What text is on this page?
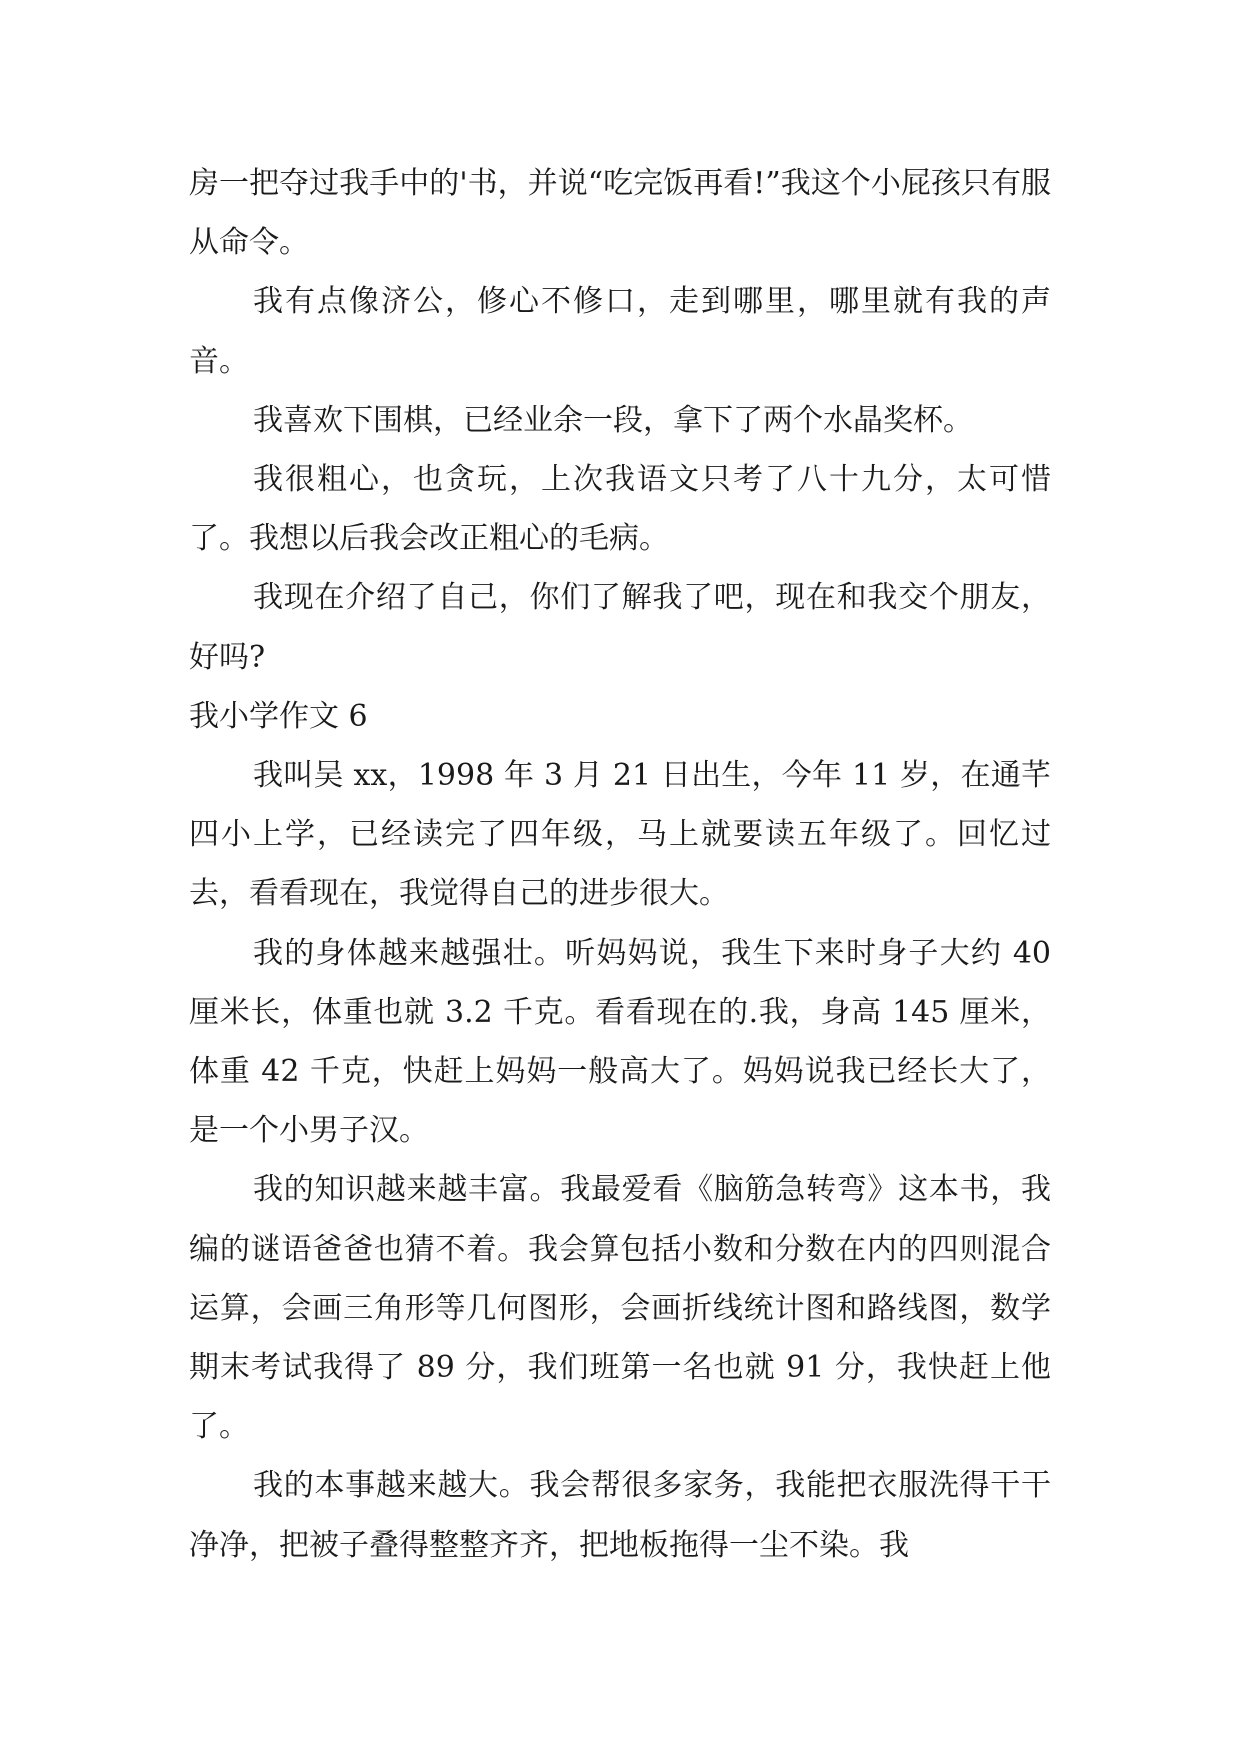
房一把夺过我手中的'书，并说“吃完饭再看!”我这个小屁孩只有服从命令。

我有点像济公，修心不修口，走到哪里，哪里就有我的声音。

我喜欢下围棋，已经业余一段，拿下了两个水晶奖杯。

我很粗心，也贪玩，上次我语文只考了八十九分，太可惜了。我想以后我会改正粗心的毛病。

我现在介绍了自己，你们了解我了吧，现在和我交个朋友，好吗?

我小学作文 6

我叫吴 xx，1998 年 3 月 21 日出生，今年 11 岁，在通芊四小上学，已经读完了四年级，马上就要读五年级了。回忆过去，看看现在，我觉得自己的进步很大。

我的身体越来越强壮。听妈妈说，我生下来时身子大约 40 厘米长，体重也就 3.2 千克。看看现在的.我，身高 145 厘米，体重 42 千克，快赶上妈妈一般高大了。妈妈说我已经长大了，是一个小男子汉。

我的知识越来越丰富。我最爱看《脑筋急转弯》这本书，我编的谜语爸爸也猜不着。我会算包括小数和分数在内的四则混合运算，会画三角形等几何图形，会画折线统计图和路线图，数学期末考试我得了 89 分，我们班第一名也就 91 分，我快赶上他了。

我的本事越来越大。我会帮很多家务，我能把衣服洗得干干净净，把被子叠得整整齐齐，把地板拖得一尘不染。我
